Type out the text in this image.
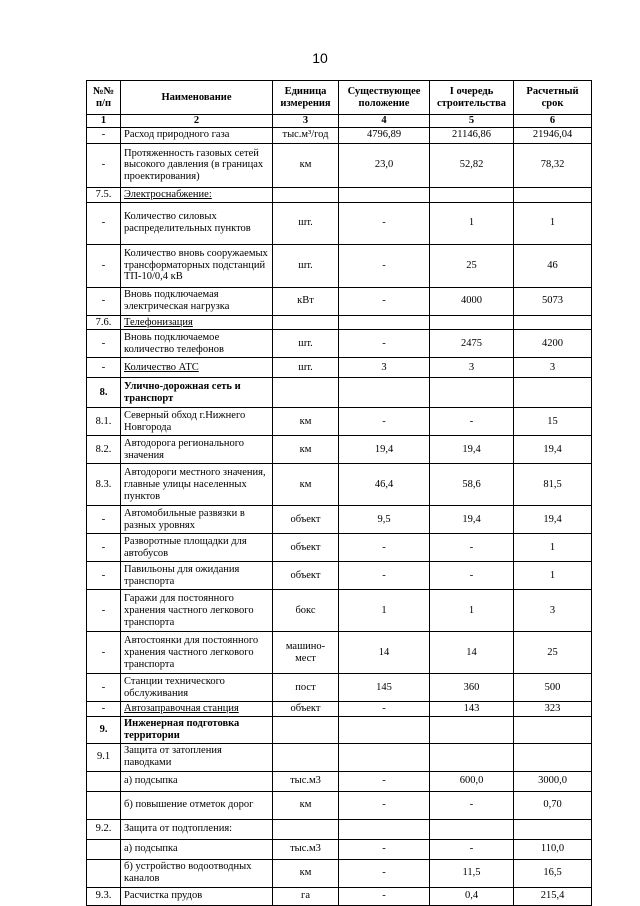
10
№№ п/п	Наименование	Единица измерения	Существующее положение	I очередь строительства	Расчетный срок
1	2	3	4	5	6
-	Расход природного газа	тыс.м³/год	4796,89	21146,86	21946,04
-	Протяженность газовых сетей высокого давления (в границах проектирования)	км	23,0	52,82	78,32
7.5.	Электроснабжение:				
-	Количество силовых распределительных пунктов	шт.	-	1	1
-	Количество вновь сооружаемых трансформаторных подстанций ТП-10/0,4 кВ	шт.	-	25	46
-	Вновь подключаемая электрическая нагрузка	кВт	-	4000	5073
7.6.	Телефонизация				
-	Вновь подключаемое количество телефонов	шт.	-	2475	4200
-	Количество АТС	шт.	3	3	3
8.	Улично-дорожная сеть и транспорт				
8.1.	Северный обход г.Нижнего Новгорода	км	-	-	15
8.2.	Автодорога регионального значения	км	19,4	19,4	19,4
8.3.	Автодороги местного значения, главные улицы населенных пунктов	км	46,4	58,6	81,5
-	Автомобильные развязки в разных уровнях	объект	9,5	19,4	19,4
-	Разворотные площадки для автобусов	объект	-	-	1
-	Павильоны для ожидания транспорта	объект	-	-	1
-	Гаражи для постоянного хранения частного легкового транспорта	бокс	1	1	3
-	Автостоянки для постоянного хранения частного легкового транспорта	машино-мест	14	14	25
-	Станции технического обслуживания	пост	145	360	500
-	Автозаправочная станция	объект	-	143	323
9.	Инженерная подготовка территории				
9.1	Защита от затопления паводками				
	а) подсыпка	тыс.м3	-	600,0	3000,0
	б) повышение отметок дорог	км	-	-	0,70
9.2.	Защита от подтопления:				
	а) подсыпка	тыс.м3	-	-	110,0
	б) устройство водоотводных каналов	км	-	11,5	16,5
9.3.	Расчистка прудов	га	-	0,4	215,4
